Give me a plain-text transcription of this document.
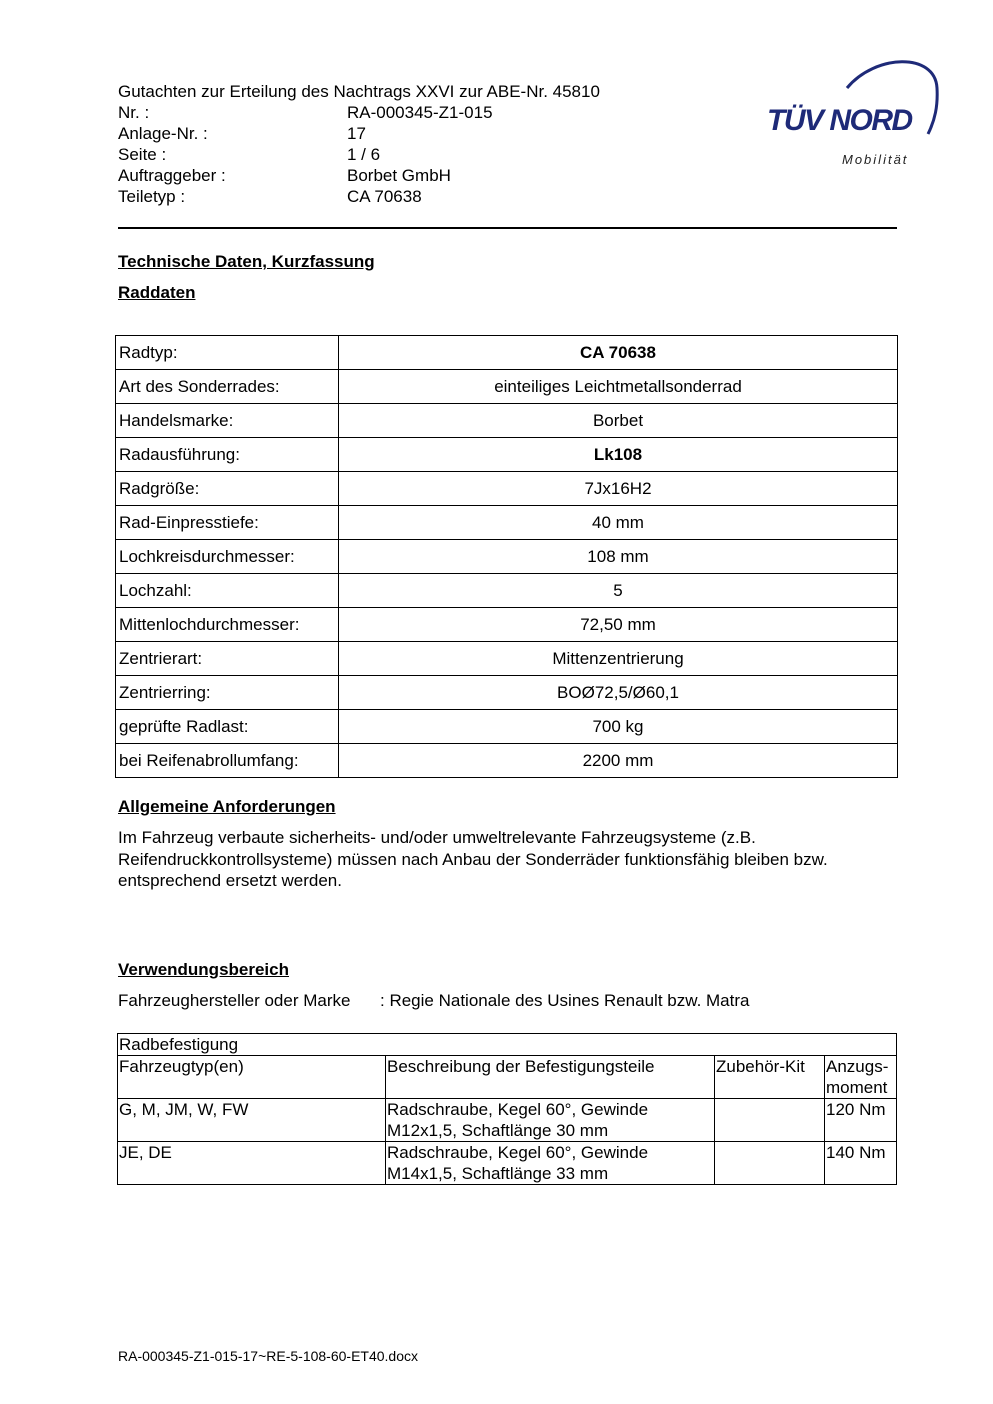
Gutachten zur Erteilung des Nachtrags XXVI zur ABE-Nr. 45810
Nr. :	RA-000345-Z1-015
Anlage-Nr. :	17
Seite :	1 / 6
Auftraggeber :	Borbet GmbH
Teiletyp :	CA 70638
TÜV NORD
Mobilität
Technische Daten, Kurzfassung
Raddaten
Radtyp:	CA 70638
Art des Sonderrades:	einteiliges Leichtmetallsonderrad
Handelsmarke:	Borbet
Radausführung:	Lk108
Radgröße:	7Jx16H2
Rad-Einpresstiefe:	40 mm
Lochkreisdurchmesser:	108 mm
Lochzahl:	5
Mittenlochdurchmesser:	72,50 mm
Zentrierart:	Mittenzentrierung
Zentrierring:	BOØ72,5/Ø60,1
geprüfte Radlast:	700 kg
bei Reifenabrollumfang:	2200 mm
Allgemeine Anforderungen
Im Fahrzeug verbaute sicherheits- und/oder umweltrelevante Fahrzeugsysteme (z.B.
Reifendruckkontrollsysteme) müssen nach Anbau der Sonderräder funktionsfähig bleiben bzw.
entsprechend ersetzt werden.
Verwendungsbereich
Fahrzeughersteller oder Marke : Regie Nationale des Usines Renault bzw. Matra
Radbefestigung			
Fahrzeugtyp(en)	Beschreibung der Befestigungsteile	Zubehör-Kit	Anzugs-
moment

G, M, JM, W, FW	Radschraube, Kegel 60°, Gewinde
M12x1,5, Schaftlänge 30 mm		120 Nm
JE, DE	Radschraube, Kegel 60°, Gewinde
M14x1,5, Schaftlänge 33 mm		140 Nm
RA-000345-Z1-015-17~RE-5-108-60-ET40.docx
